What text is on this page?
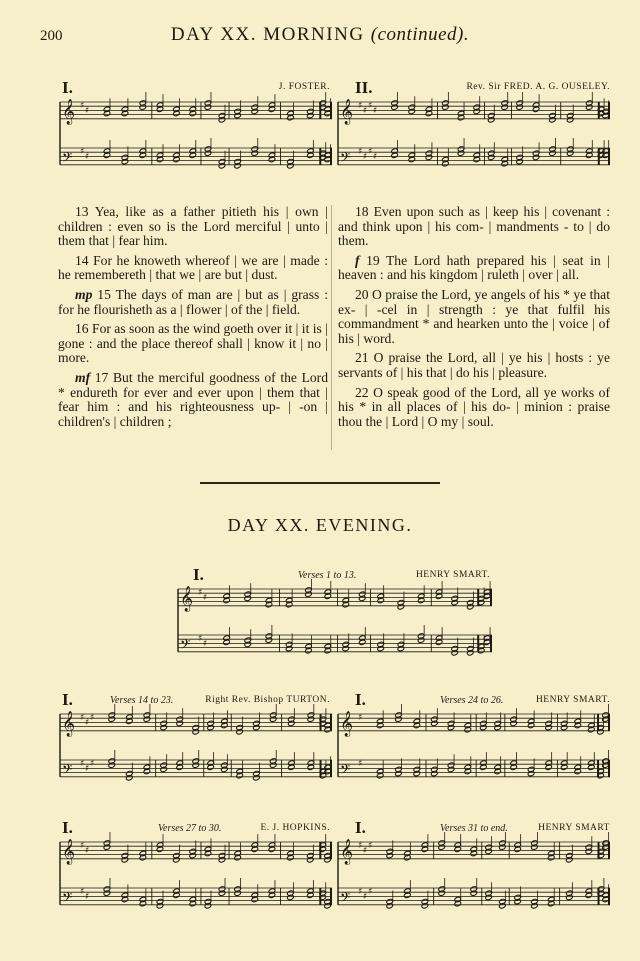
200	DAY XX. MORNING (continued).
I.	J. FOSTER.
𝄞 ♯ ♯
𝄢 ♯ ♯
II.	Rev. Sir FRED. A. G. OUSELEY.
𝄞 ♯ ♯ ♯ ♯
𝄢 ♯ ♯ ♯ ♯

13 Yea, like as a father pitieth his | own | children : even so is the Lord merciful | unto | them that | fear him.

14 For he knoweth whereof | we are | made : he remembereth | that we | are but | dust.

mp 15 The days of man are | but as | grass : for he flourisheth as a | flower | of the | field.

16 For as soon as the wind goeth over it | it is | gone : and the place thereof shall | know it | no | more.

mf 17 But the merciful goodness of the Lord * endureth for ever and ever upon | them that | fear him : and his righteousness up- | -on | children's | children ;

18 Even upon such as | keep his | covenant : and think upon | his com- | mandments - to | do them.

f 19 The Lord hath prepared his | seat in | heaven : and his kingdom | ruleth | over | all.

20 O praise the Lord, ye angels of his * ye that ex- | -cel in | strength : ye that fulfil his commandment * and hearken unto the | voice | of his | word.

21 O praise the Lord, all | ye his | hosts : ye servants of | his that | do his | pleasure.

22 O speak good of the Lord, all ye works of his * in all places of | his do- | minion : praise thou the | Lord | O my | soul.

DAY XX. EVENING.
I.	Verses 1 to 13.	HENRY SMART.
𝄞 ♯ ♯
𝄢 ♯ ♯
I.	Verses 14 to 23.	Right Rev. Bishop TURTON.
𝄞 ♯ ♯ ♯
𝄢 ♯ ♯ ♯
I.	Verses 24 to 26.	HENRY SMART.
𝄞 ♯
𝄢 ♯
I.	Verses 27 to 30.	E. J. HOPKINS.
𝄞 ♯ ♯
𝄢 ♯ ♯
I.	Verses 31 to end.	HENRY SMART
𝄞 ♯ ♯ ♯
𝄢 ♯ ♯ ♯
